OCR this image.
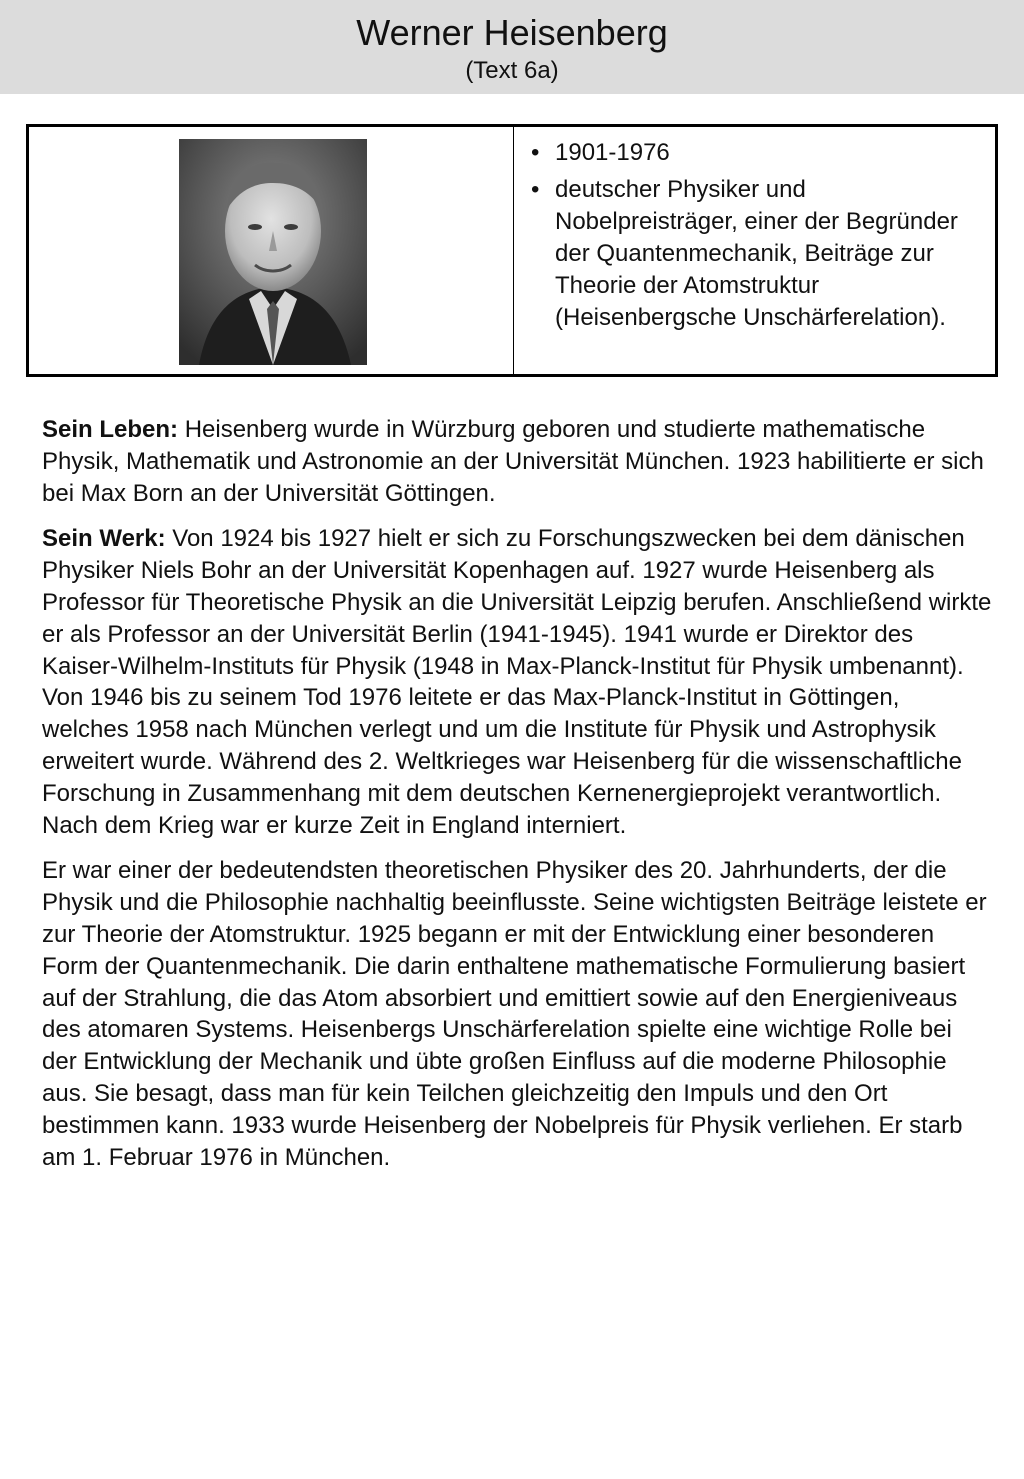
Werner Heisenberg
(Text 6a)
• 1901-1976
• deutscher Physiker und Nobelpreisträger, einer der Begründer der Quantenmechanik, Beiträge zur Theorie der Atomstruktur (Heisenbergsche Unschärferelation).

Sein Leben: Heisenberg wurde in Würzburg geboren und studierte mathematische Physik, Mathematik und Astronomie an der Universität München. 1923 habilitierte er sich bei Max Born an der Universität Göttingen.

Sein Werk: Von 1924 bis 1927 hielt er sich zu Forschungszwecken bei dem dänischen Physiker Niels Bohr an der Universität Kopenhagen auf. 1927 wurde Heisenberg als Professor für Theoretische Physik an die Universität Leipzig berufen. Anschließend wirkte er als Professor an der Universität Berlin (1941-1945). 1941 wurde er Direktor des Kaiser-Wilhelm-Instituts für Physik (1948 in Max-Planck-Institut für Physik umbenannt). Von 1946 bis zu seinem Tod 1976 leitete er das Max-Planck-Institut in Göttingen, welches 1958 nach München verlegt und um die Institute für Physik und Astrophysik erweitert wurde. Während des 2. Weltkrieges war Heisenberg für die wissenschaftliche Forschung in Zusammenhang mit dem deutschen Kernenergieprojekt verantwortlich. Nach dem Krieg war er kurze Zeit in England interniert.

Er war einer der bedeutendsten theoretischen Physiker des 20. Jahrhunderts, der die Physik und die Philosophie nachhaltig beeinflusste. Seine wichtigsten Beiträge leistete er zur Theorie der Atomstruktur. 1925 begann er mit der Entwicklung einer besonderen Form der Quantenmechanik. Die darin enthaltene mathematische Formulierung basiert auf der Strahlung, die das Atom absorbiert und emittiert sowie auf den Energieniveaus des atomaren Systems. Heisenbergs Unschärferelation spielte eine wichtige Rolle bei der Entwicklung der Mechanik und übte großen Einfluss auf die moderne Philosophie aus. Sie besagt, dass man für kein Teilchen gleichzeitig den Impuls und den Ort bestimmen kann. 1933 wurde Heisenberg der Nobelpreis für Physik verliehen. Er starb am 1. Februar 1976 in München.
